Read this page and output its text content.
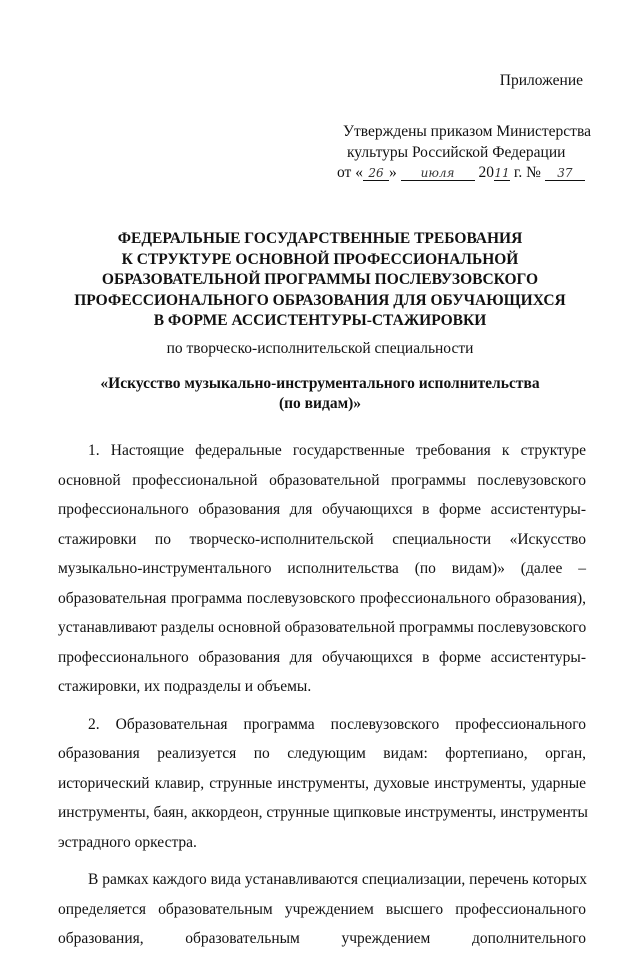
Приложение
Утверждены приказом Министерства
культуры Российской Федерации
от « 26 » июля 2011 г. № 37
ФЕДЕРАЛЬНЫЕ ГОСУДАРСТВЕННЫЕ ТРЕБОВАНИЯ
К СТРУКТУРЕ ОСНОВНОЙ ПРОФЕССИОНАЛЬНОЙ
ОБРАЗОВАТЕЛЬНОЙ ПРОГРАММЫ ПОСЛЕВУЗОВСКОГО
ПРОФЕССИОНАЛЬНОГО ОБРАЗОВАНИЯ ДЛЯ ОБУЧАЮЩИХСЯ
В ФОРМЕ АССИСТЕНТУРЫ-СТАЖИРОВКИ
по творческо-исполнительской специальности
«Искусство музыкально-инструментального исполнительства
(по видам)»
1. Настоящие федеральные государственные требования к структуре
основной профессиональной образовательной программы послевузовского
профессионального образования для обучающихся в форме ассистентуры-
стажировки по творческо-исполнительской специальности «Искусство
музыкально-инструментального исполнительства (по видам)» (далее –
образовательная программа послевузовского профессионального образования),
устанавливают разделы основной образовательной программы послевузовского
профессионального образования для обучающихся в форме ассистентуры-
стажировки, их подразделы и объемы.
2. Образовательная программа послевузовского профессионального
образования реализуется по следующим видам: фортепиано, орган,
исторический клавир, струнные инструменты, духовые инструменты, ударные
инструменты, баян, аккордеон, струнные щипковые инструменты, инструменты
эстрадного оркестра.
В рамках каждого вида устанавливаются специализации, перечень которых
определяется образовательным учреждением высшего профессионального
образования, образовательным учреждением дополнительного
